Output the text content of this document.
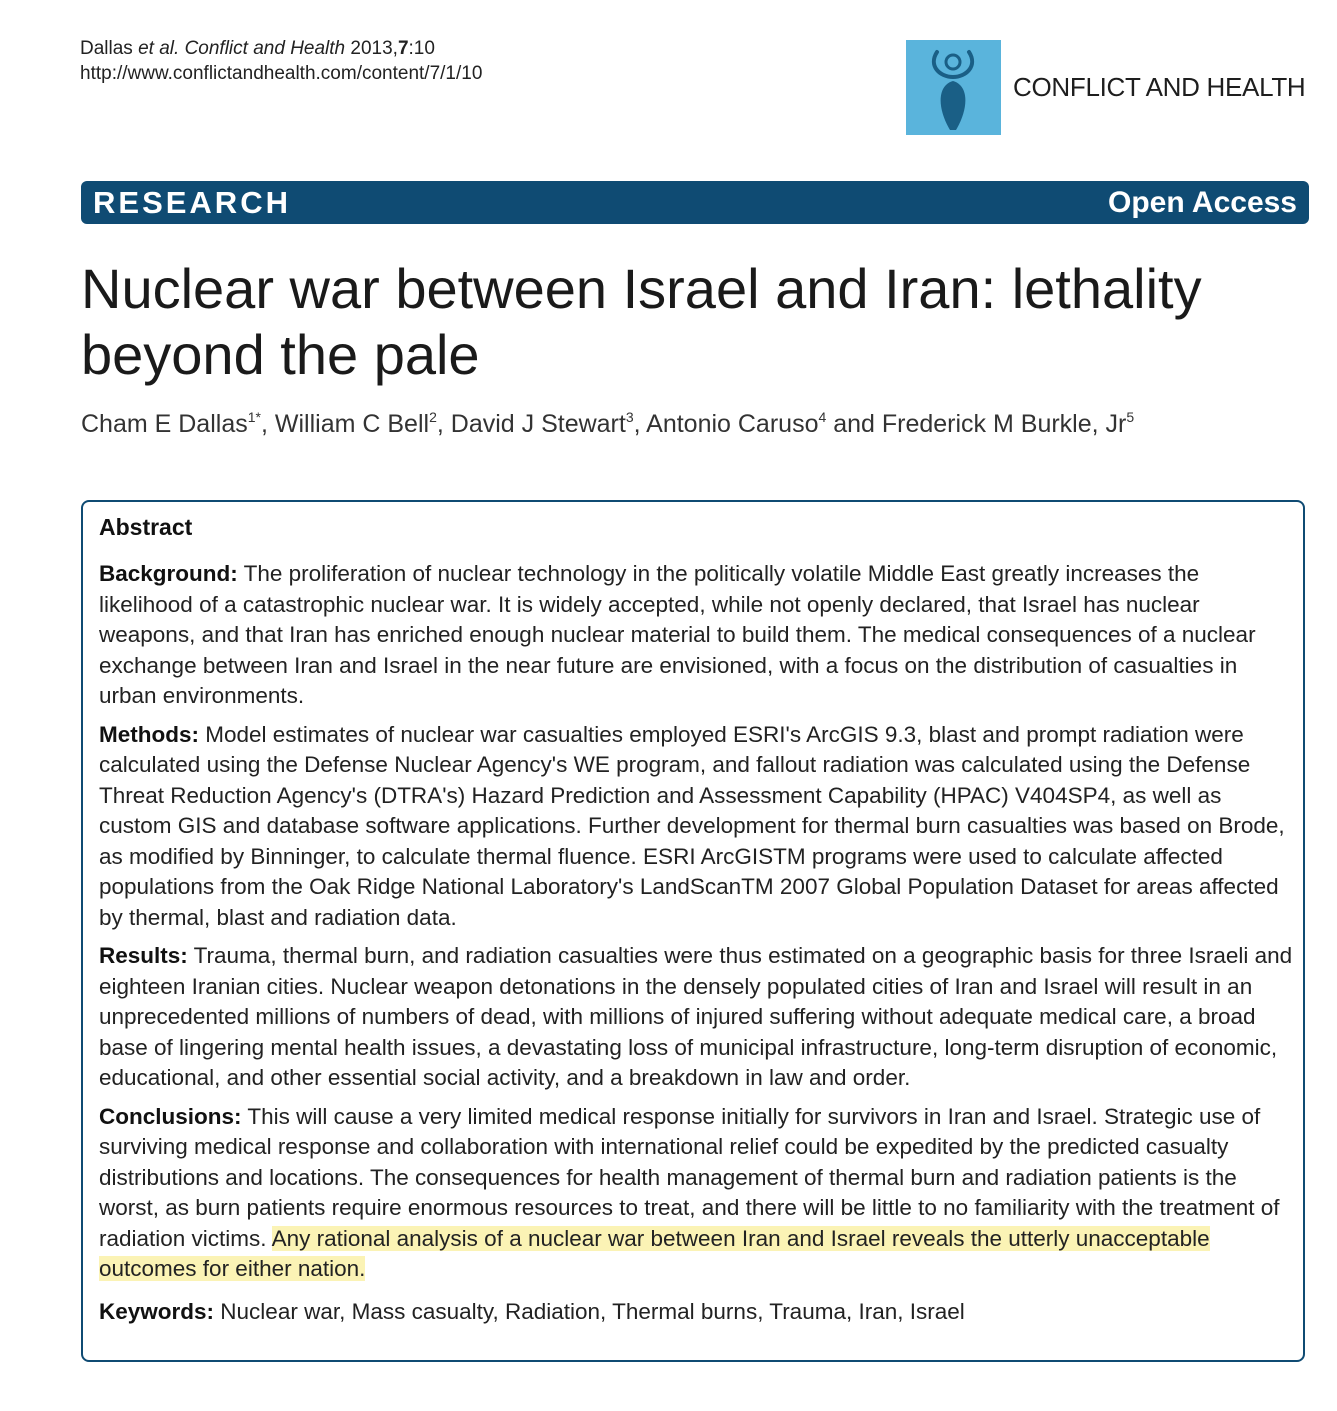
Dallas et al. Conflict and Health 2013,7:10
http://www.conflictandhealth.com/content/7/1/10	CONFLICT AND HEALTH
RESEARCH	Open Access
Nuclear war between Israel and Iran: lethality
beyond the pale
Cham E Dallas$^{1*}$, William C Bell$^2$, David J Stewart$^3$, Antonio Caruso$^4$ and Frederick M Burkle, Jr$^5$
Abstract

Background: The proliferation of nuclear technology in the politically volatile Middle East greatly increases the likelihood of a catastrophic nuclear war. It is widely accepted, while not openly declared, that Israel has nuclear weapons, and that Iran has enriched enough nuclear material to build them. The medical consequences of a nuclear exchange between Iran and Israel in the near future are envisioned, with a focus on the distribution of casualties in urban environments.

Methods: Model estimates of nuclear war casualties employed ESRI's ArcGIS 9.3, blast and prompt radiation were calculated using the Defense Nuclear Agency's WE program, and fallout radiation was calculated using the Defense Threat Reduction Agency's (DTRA's) Hazard Prediction and Assessment Capability (HPAC) V404SP4, as well as custom GIS and database software applications. Further development for thermal burn casualties was based on Brode, as modified by Binninger, to calculate thermal fluence. ESRI ArcGISTM programs were used to calculate affected populations from the Oak Ridge National Laboratory's LandScanTM 2007 Global Population Dataset for areas affected by thermal, blast and radiation data.

Results: Trauma, thermal burn, and radiation casualties were thus estimated on a geographic basis for three Israeli and eighteen Iranian cities. Nuclear weapon detonations in the densely populated cities of Iran and Israel will result in an unprecedented millions of numbers of dead, with millions of injured suffering without adequate medical care, a broad base of lingering mental health issues, a devastating loss of municipal infrastructure, long-term disruption of economic, educational, and other essential social activity, and a breakdown in law and order.

Conclusions: This will cause a very limited medical response initially for survivors in Iran and Israel. Strategic use of surviving medical response and collaboration with international relief could be expedited by the predicted casualty distributions and locations. The consequences for health management of thermal burn and radiation patients is the worst, as burn patients require enormous resources to treat, and there will be little to no familiarity with the treatment of radiation victims. Any rational analysis of a nuclear war between Iran and Israel reveals the utterly unacceptable outcomes for either nation.

Keywords: Nuclear war, Mass casualty, Radiation, Thermal burns, Trauma, Iran, Israel
